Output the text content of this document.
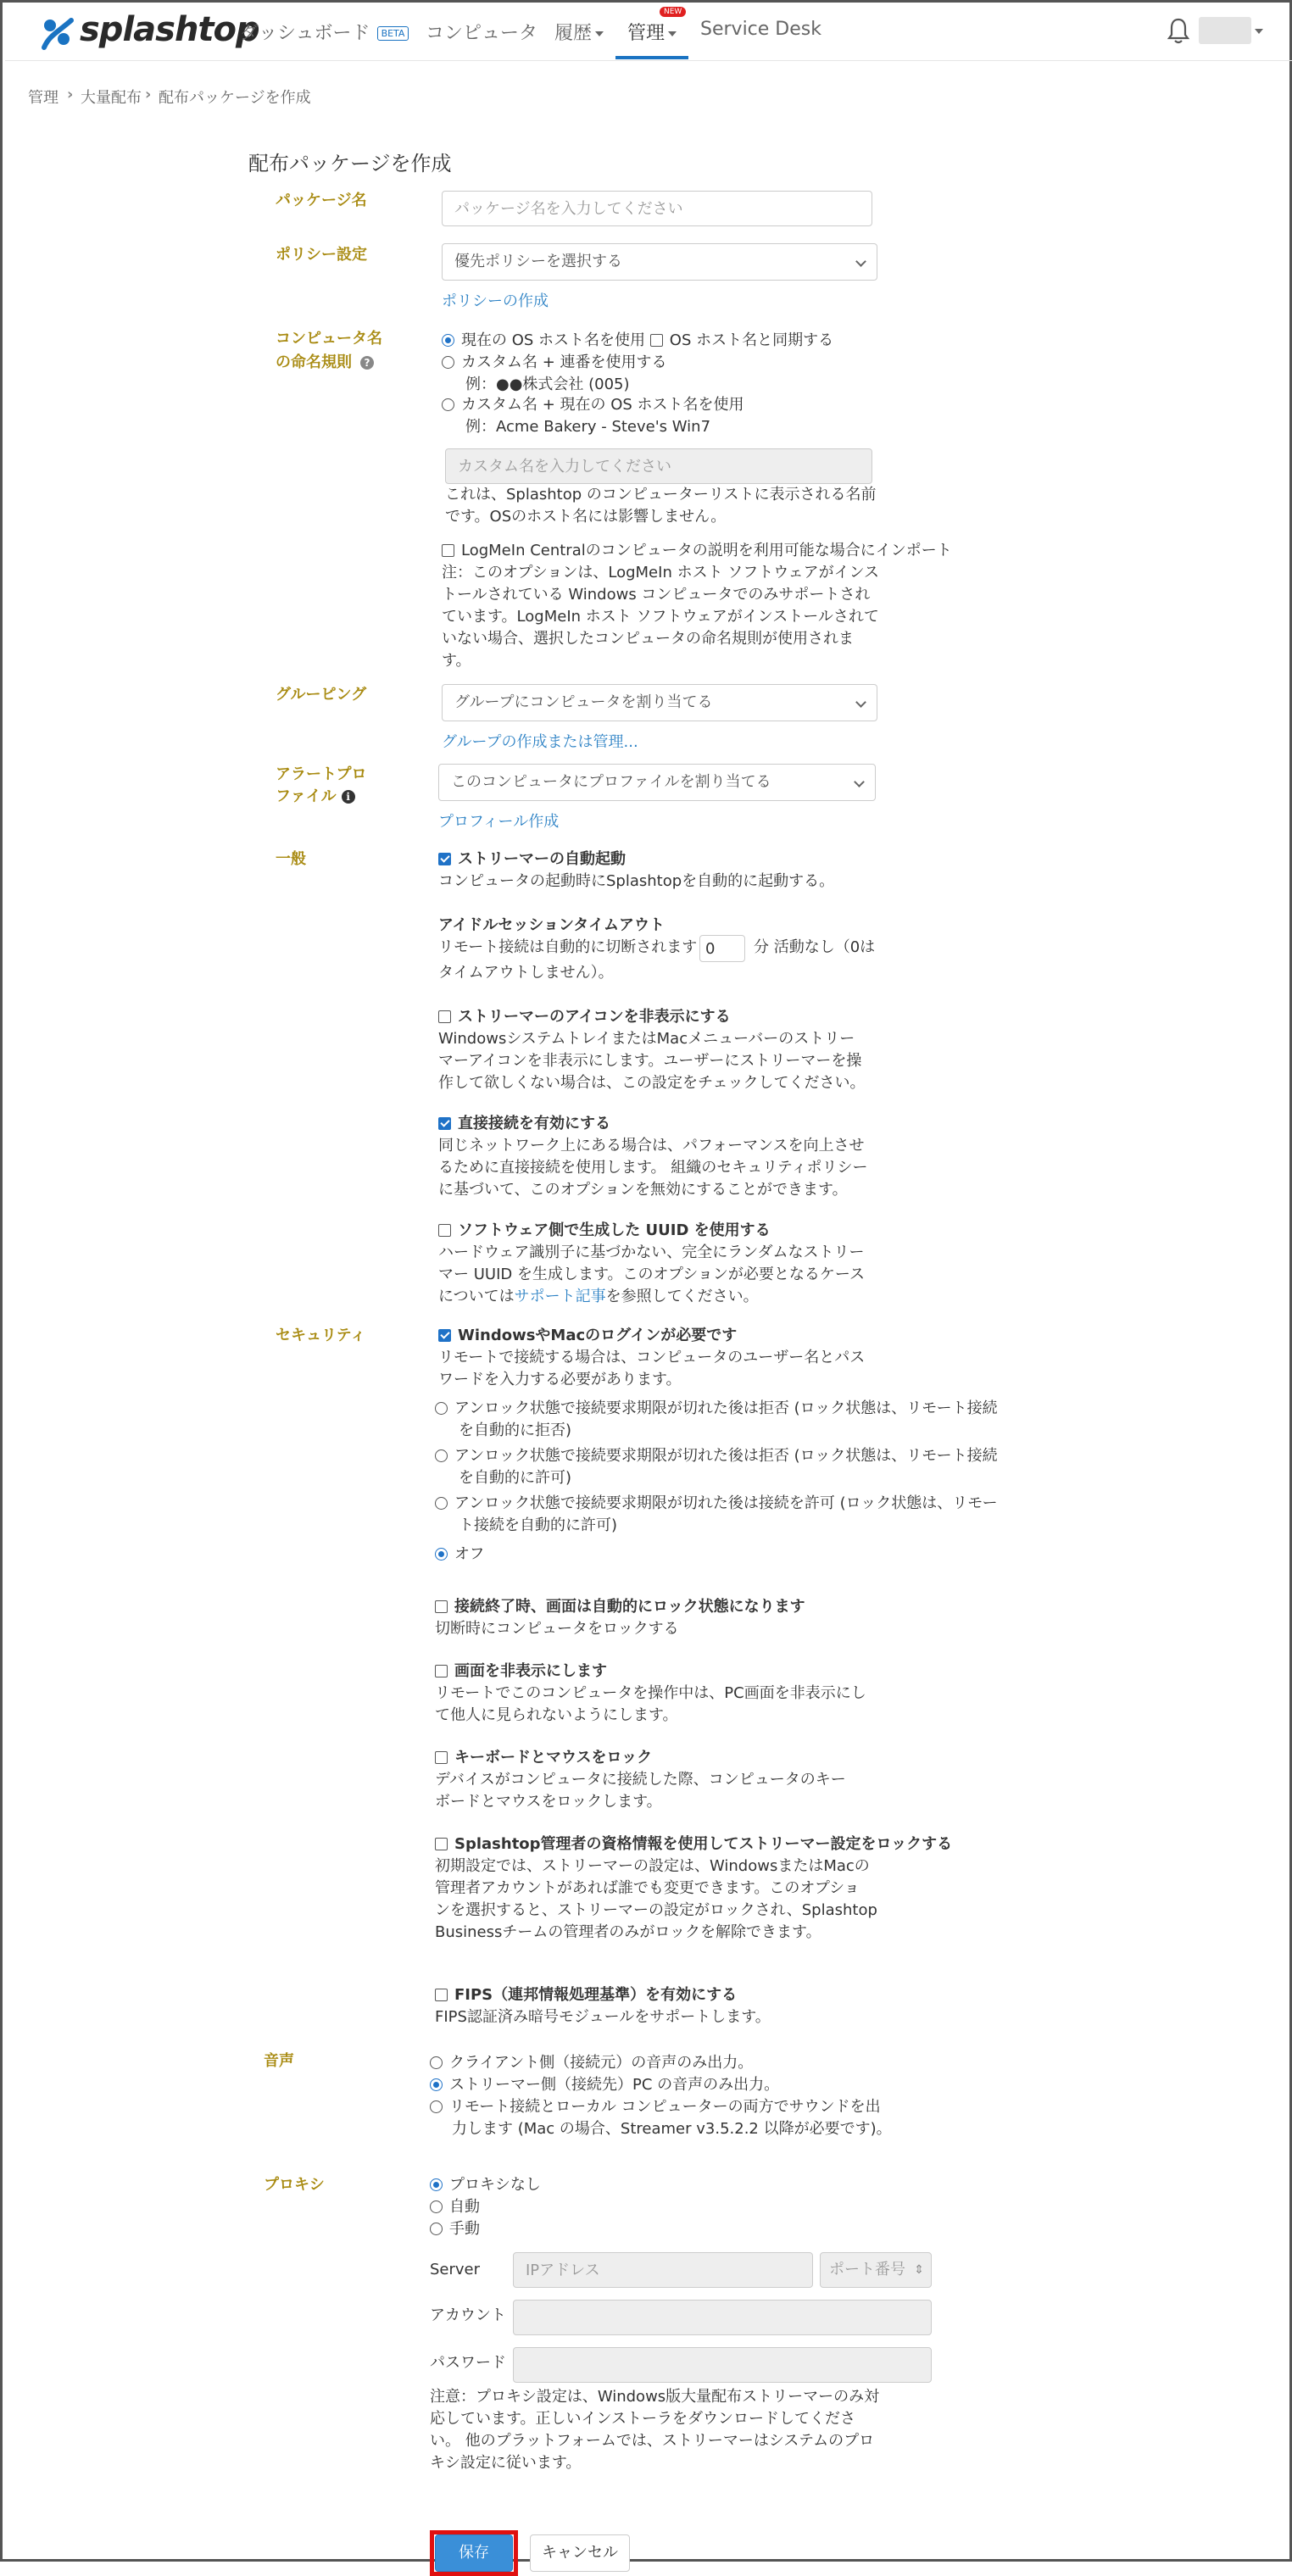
splashtop
ダッシュボード BETA コンピュータ 履歴	管理
NEW
Service Desk
管理 › 大量配布 › 配布パッケージを作成
配布パッケージを作成
パッケージ名
パッケージ名を入力してください
ポリシー設定	優先ポリシーを選択する
ポリシーの作成
コンピュータ名
の命名規則 ?
現在の OS ホスト名を使用 OS ホスト名と同期する
カスタム名 + 連番を使用する
例：●●株式会社 (005)
カスタム名 + 現在の OS ホスト名を使用
例：Acme Bakery - Steve's Win7
カスタム名を入力してください
これは、Splashtop のコンピューターリストに表示される名前
です。OSのホスト名には影響しません。
LogMeIn Centralのコンピュータの説明を利用可能な場合にインポート
注：このオプションは、LogMeIn ホスト ソフトウェアがインス
トールされている Windows コンピュータでのみサポートされ
ています。LogMeIn ホスト ソフトウェアがインストールされて
いない場合、選択したコンピュータの命名規則が使用されま
す。
グルーピング	グループにコンピュータを割り当てる
グループの作成または管理...
アラートプロ
ファイル i
このコンピュータにプロファイルを割り当てる
プロフィール作成
一般	ストリーマーの自動起動
コンピュータの起動時にSplashtopを自動的に起動する。
アイドルセッションタイムアウト
リモート接続は自動的に切断されます
0	分 活動なし（0は
タイムアウトしません）。
ストリーマーのアイコンを非表示にする
WindowsシステムトレイまたはMacメニューバーのストリー
マーアイコンを非表示にします。ユーザーにストリーマーを操
作して欲しくない場合は、この設定をチェックしてください。
直接接続を有効にする
同じネットワーク上にある場合は、パフォーマンスを向上させ
るために直接接続を使用します。 組織のセキュリティポリシー
に基づいて、このオプションを無効にすることができます。
ソフトウェア側で生成した UUID を使用する
ハードウェア識別子に基づかない、完全にランダムなストリー
マー UUID を生成します。このオプションが必要となるケース
についてはサポート記事を参照してください。
セキュリティ	WindowsやMacのログインが必要です
リモートで接続する場合は、コンピュータのユーザー名とパス
ワードを入力する必要があります。
アンロック状態で接続要求期限が切れた後は拒否 (ロック状態は、リモート接続
を自動的に拒否)
アンロック状態で接続要求期限が切れた後は拒否 (ロック状態は、リモート接続
を自動的に許可)
アンロック状態で接続要求期限が切れた後は接続を許可 (ロック状態は、リモー
ト接続を自動的に許可)
オフ
接続終了時、画面は自動的にロック状態になります
切断時にコンピュータをロックする
画面を非表示にします
リモートでこのコンピュータを操作中は、PC画面を非表示にし
て他人に見られないようにします。
キーボードとマウスをロック
デバイスがコンピュータに接続した際、コンピュータのキー
ボードとマウスをロックします。
Splashtop管理者の資格情報を使用してストリーマー設定をロックする
初期設定では、ストリーマーの設定は、WindowsまたはMacの
管理者アカウントがあれば誰でも変更できます。このオプショ
ンを選択すると、ストリーマーの設定がロックされ、Splashtop
Businessチームの管理者のみがロックを解除できます。
FIPS（連邦情報処理基準）を有効にする
FIPS認証済み暗号モジュールをサポートします。
音声	クライアント側（接続元）の音声のみ出力。
ストリーマー側（接続先）PC の音声のみ出力。
リモート接続とローカル コンピューターの両方でサウンドを出
力します (Mac の場合、Streamer v3.5.2.2 以降が必要です)。
プロキシ	プロキシなし
自動
手動
Server
IPアドレス	ポート番号 ⇕
アカウント
パスワード
注意：プロキシ設定は、Windows版大量配布ストリーマーのみ対
応しています。正しいインストーラをダウンロードしてくださ
い。 他のプラットフォームでは、ストリーマーはシステムのプロ
キシ設定に従います。
保存	キャンセル
